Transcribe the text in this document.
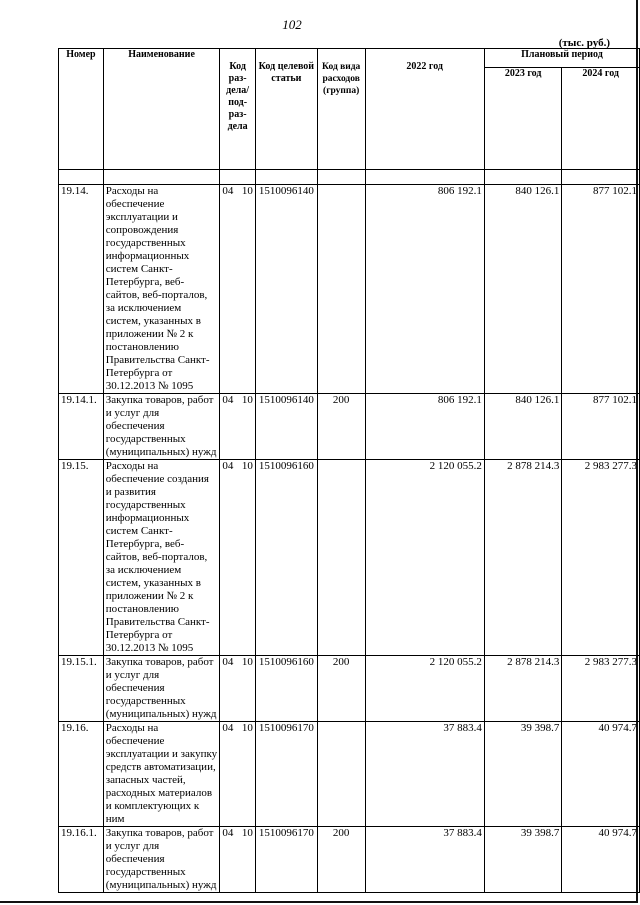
102
(тыс. руб.)
Номер	Наименование	Код раз-дела/ под-раз-дела	Код целевой статьи	Код вида расходов (группа)	2022 год	Плановый период	
						2023 год	2024 год

19.14.	Расходы на обеспечение эксплуатации и сопровождения государственных информационных систем Санкт-Петербурга, веб-сайтов, веб-порталов, за исключением систем, указанных в приложении № 2 к постановлению Правительства Санкт-Петербурга от 30.12.2013 № 1095	04 10	1510096140		806 192.1	840 126.1	877 102.1
19.14.1.	Закупка товаров, работ и услуг для обеспечения государственных (муниципальных) нужд	04 10	1510096140	200	806 192.1	840 126.1	877 102.1
19.15.	Расходы на обеспечение создания и развития государственных информационных систем Санкт-Петербурга, веб-сайтов, веб-порталов, за исключением систем, указанных в приложении № 2 к постановлению Правительства Санкт-Петербурга от 30.12.2013 № 1095	04 10	1510096160		2 120 055.2	2 878 214.3	2 983 277.3
19.15.1.	Закупка товаров, работ и услуг для обеспечения государственных (муниципальных) нужд	04 10	1510096160	200	2 120 055.2	2 878 214.3	2 983 277.3
19.16.	Расходы на обеспечение эксплуатации и закупку средств автоматизации, запасных частей, расходных материалов и комплектующих к ним	04 10	1510096170		37 883.4	39 398.7	40 974.7
19.16.1.	Закупка товаров, работ и услуг для обеспечения государственных (муниципальных) нужд	04 10	1510096170	200	37 883.4	39 398.7	40 974.7
